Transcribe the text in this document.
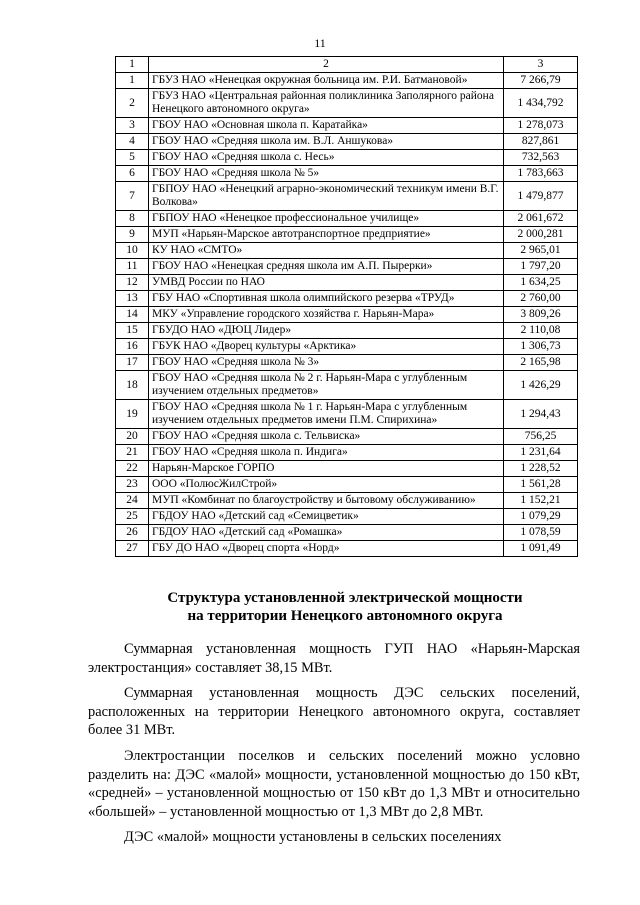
11
1	2	3
1	ГБУЗ НАО «Ненецкая окружная больница им. Р.И. Батмановой»	7 266,79
2	ГБУЗ НАО «Центральная районная поликлиника Заполярного района Ненецкого автономного округа»	1 434,792
3	ГБОУ НАО «Основная школа п. Каратайка»	1 278,073
4	ГБОУ НАО «Средняя школа им. В.Л. Аншукова»	827,861
5	ГБОУ НАО «Средняя школа с. Несь»	732,563
6	ГБОУ НАО «Средняя школа № 5»	1 783,663
7	ГБПОУ НАО «Ненецкий аграрно-экономический техникум имени В.Г. Волкова»	1 479,877
8	ГБПОУ НАО «Ненецкое профессиональное училище»	2 061,672
9	МУП «Нарьян-Марское автотранспортное предприятие»	2 000,281
10	КУ НАО «СМТО»	2 965,01
11	ГБОУ НАО «Ненецкая средняя школа им А.П. Пырерки»	1 797,20
12	УМВД России по НАО	1 634,25
13	ГБУ НАО «Спортивная школа олимпийского резерва «ТРУД»	2 760,00
14	МКУ «Управление городского хозяйства г. Нарьян-Мара»	3 809,26
15	ГБУДО НАО «ДЮЦ Лидер»	2 110,08
16	ГБУК НАО «Дворец культуры «Арктика»	1 306,73
17	ГБОУ НАО «Средняя школа № 3»	2 165,98
18	ГБОУ НАО «Средняя школа № 2 г. Нарьян-Мара с углубленным изучением отдельных предметов»	1 426,29
19	ГБОУ НАО «Средняя школа № 1 г. Нарьян-Мара с углубленным изучением отдельных предметов имени П.М. Спирихина»	1 294,43
20	ГБОУ НАО «Средняя школа с. Тельвиска»	756,25
21	ГБОУ НАО «Средняя школа п. Индига»	1 231,64
22	Нарьян-Марское ГОРПО	1 228,52
23	ООО «ПолюсЖилСтрой»	1 561,28
24	МУП «Комбинат по благоустройству и бытовому обслуживанию»	1 152,21
25	ГБДОУ НАО «Детский сад «Семицветик»	1 079,29
26	ГБДОУ НАО «Детский сад «Ромашка»	1 078,59
27	ГБУ ДО НАО «Дворец спорта «Норд»	1 091,49
Структура установленной электрической мощности
на территории Ненецкого автономного округа

Суммарная установленная мощность ГУП НАО «Нарьян-Марская электростанция» составляет 38,15 МВт.

Суммарная установленная мощность ДЭС сельских поселений, расположенных на территории Ненецкого автономного округа, составляет более 31 МВт.

Электростанции поселков и сельских поселений можно условно разделить на: ДЭС «малой» мощности, установленной мощностью до 150 кВт, «средней» – установленной мощностью от 150 кВт до 1,3 МВт и относительно «большей» – установленной мощностью от 1,3 МВт до 2,8 МВт.

ДЭС «малой» мощности установлены в сельских поселениях
